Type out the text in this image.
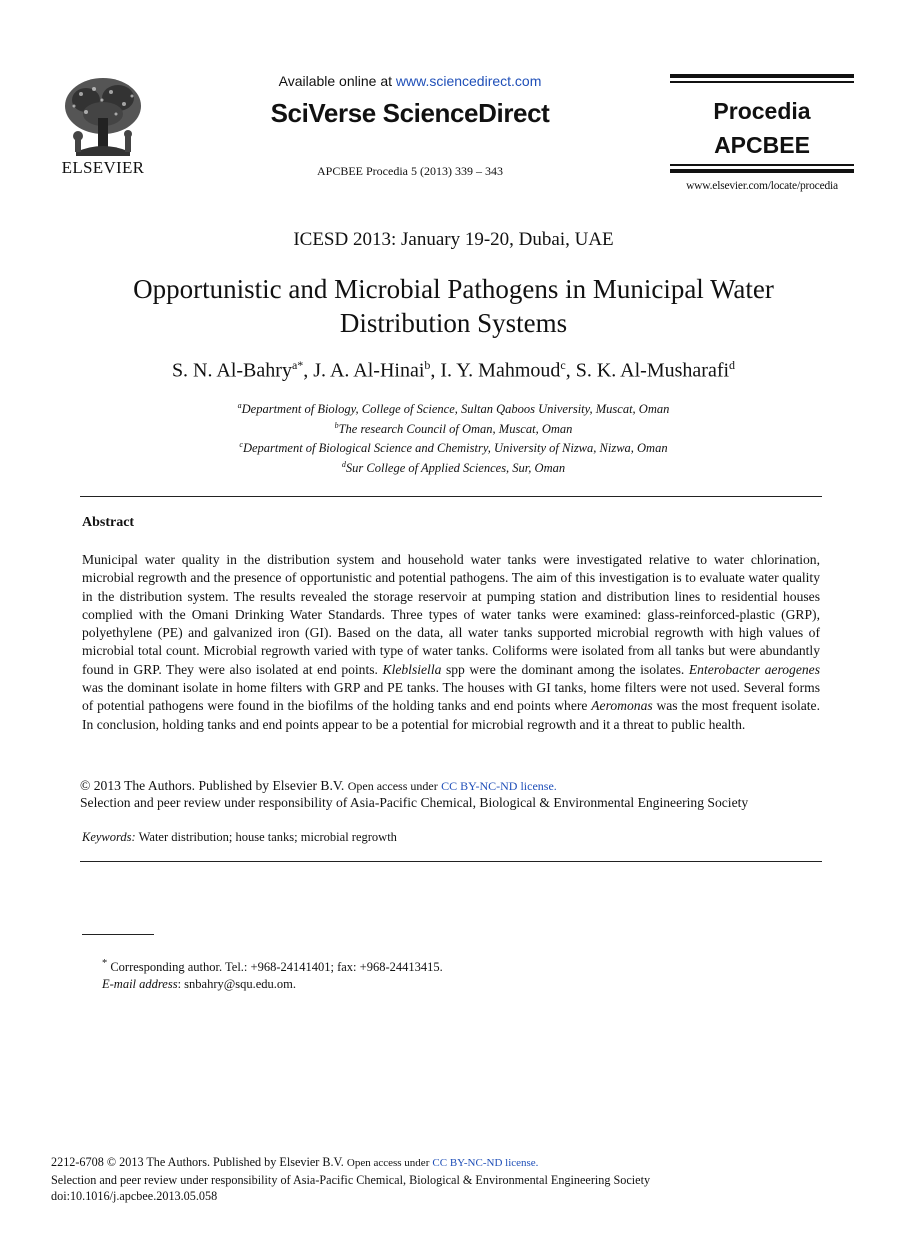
ELSEVIER
Available online at www.sciencedirect.com
SciVerse ScienceDirect
APCBEE Procedia 5 (2013) 339 – 343
Procedia
APCBEE
www.elsevier.com/locate/procedia
ICESD 2013: January 19-20, Dubai, UAE
Opportunistic and Microbial Pathogens in Municipal Water
Distribution Systems
S. N. Al-Bahry$^{a*}$, J. A. Al-Hinai$^b$, I. Y. Mahmoud$^c$, S. K. Al-Musharafi$^d$
$^a$Department of Biology, College of Science, Sultan Qaboos University, Muscat, Oman
$^b$The research Council of Oman, Muscat, Oman
$^c$Department of Biological Science and Chemistry, University of Nizwa, Nizwa, Oman
$^d$Sur College of Applied Sciences, Sur, Oman
Abstract
Municipal water quality in the distribution system and household water tanks were investigated relative to water chlorination, microbial regrowth and the presence of opportunistic and potential pathogens. The aim of this investigation is to evaluate water quality in the distribution system. The results revealed the storage reservoir at pumping station and distribution lines to residential houses complied with the Omani Drinking Water Standards. Three types of water tanks were examined: glass-reinforced-plastic (GRP), polyethylene (PE) and galvanized iron (GI). Based on the data, all water tanks supported microbial regrowth with high values of microbial total count. Microbial regrowth varied with type of water tanks. Coliforms were isolated from all tanks but were abundantly found in GRP. They were also isolated at end points. Kleblsiella spp were the dominant among the isolates. Enterobacter aerogenes was the dominant isolate in home filters with GRP and PE tanks. The houses with GI tanks, home filters were not used. Several forms of potential pathogens were found in the biofilms of the holding tanks and end points where Aeromonas was the most frequent isolate. In conclusion, holding tanks and end points appear to be a potential for microbial regrowth and it a threat to public health.
© 2013 The Authors. Published by Elsevier B.V. Open access under CC BY-NC-ND license.
Selection and peer review under responsibility of Asia-Pacific Chemical, Biological & Environmental Engineering Society
Keywords: Water distribution; house tanks; microbial regrowth
* Corresponding author. Tel.: +968-24141401; fax: +968-24413415.
E-mail address: snbahry@squ.edu.om.
2212-6708 © 2013 The Authors. Published by Elsevier B.V. Open access under CC BY-NC-ND license.
Selection and peer review under responsibility of Asia-Pacific Chemical, Biological & Environmental Engineering Society
doi:10.1016/j.apcbee.2013.05.058
